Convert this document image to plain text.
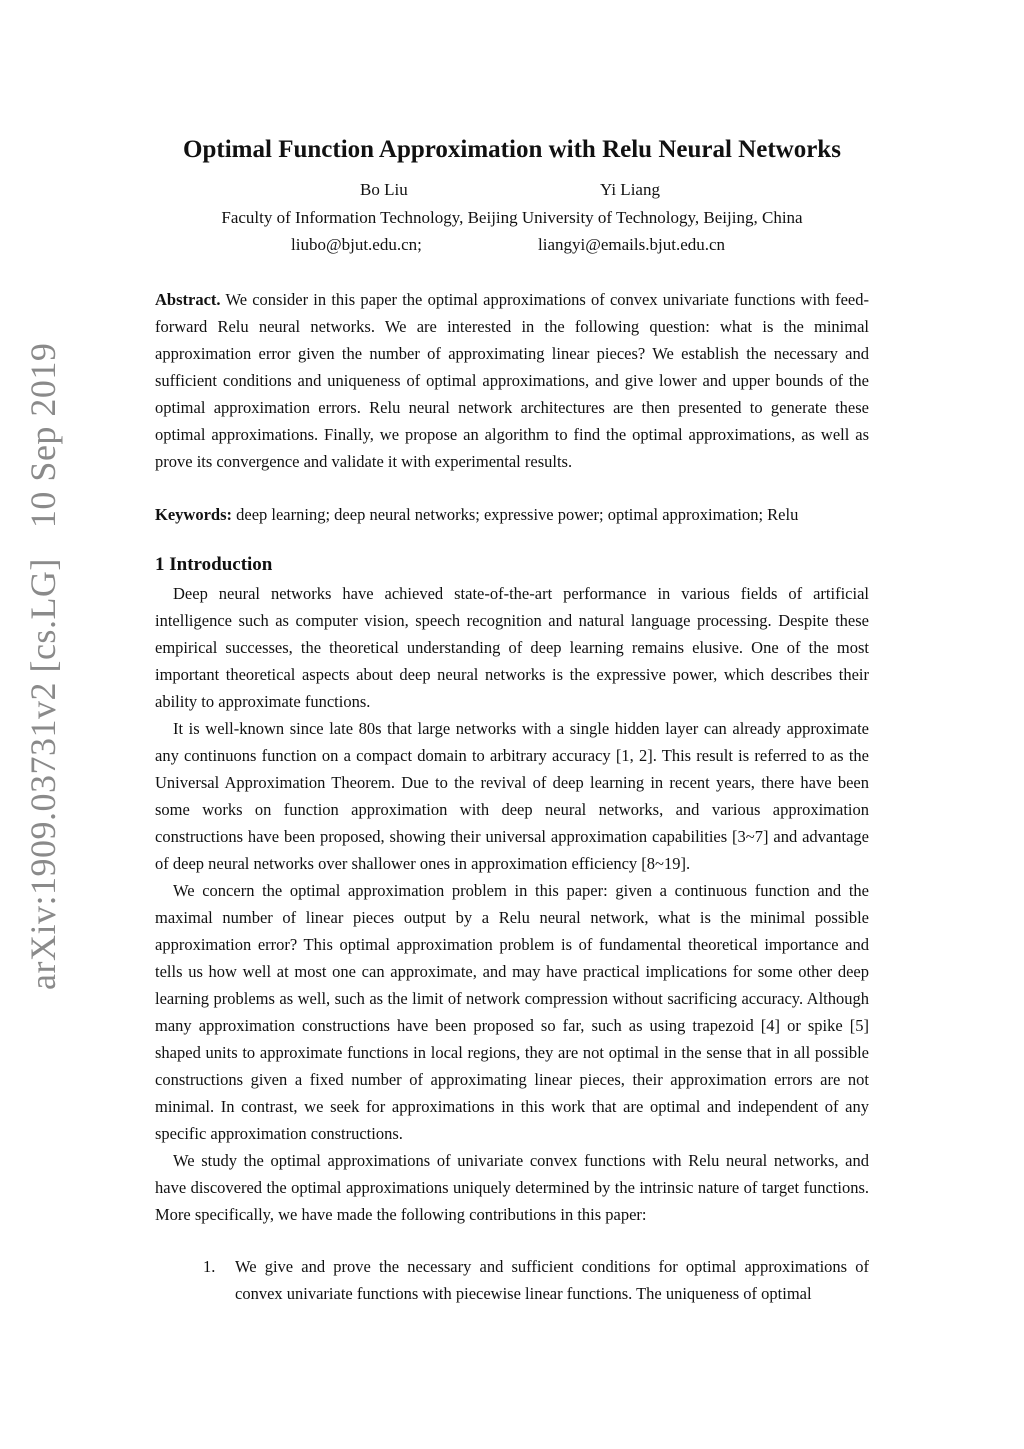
arXiv:1909.03731v2 [cs.LG]10 Sep 2019
Optimal Function Approximation with Relu Neural Networks
Bo Liu	Yi Liang
Faculty of Information Technology, Beijing University of Technology, Beijing, China
liubo@bjut.edu.cn;	liangyi@emails.bjut.edu.cn
Abstract. We consider in this paper the optimal approximations of convex univariate functions with feed-forward Relu neural networks. We are interested in the following question: what is the minimal approximation error given the number of approximating linear pieces? We establish the necessary and sufficient conditions and uniqueness of optimal approximations, and give lower and upper bounds of the optimal approximation errors. Relu neural network architectures are then presented to generate these optimal approximations. Finally, we propose an algorithm to find the optimal approximations, as well as prove its convergence and validate it with experimental results.
Keywords: deep learning; deep neural networks; expressive power; optimal approximation; Relu
1 Introduction

Deep neural networks have achieved state-of-the-art performance in various fields of artificial intelligence such as computer vision, speech recognition and natural language processing. Despite these empirical successes, the theoretical understanding of deep learning remains elusive. One of the most important theoretical aspects about deep neural networks is the expressive power, which describes their ability to approximate functions.

It is well-known since late 80s that large networks with a single hidden layer can already approximate any continuons function on a compact domain to arbitrary accuracy [1, 2]. This result is referred to as the Universal Approximation Theorem. Due to the revival of deep learning in recent years, there have been some works on function approximation with deep neural networks, and various approximation constructions have been proposed, showing their universal approximation capabilities [3~7] and advantage of deep neural networks over shallower ones in approximation efficiency [8~19].

We concern the optimal approximation problem in this paper: given a continuous function and the maximal number of linear pieces output by a Relu neural network, what is the minimal possible approximation error? This optimal approximation problem is of fundamental theoretical importance and tells us how well at most one can approximate, and may have practical implications for some other deep learning problems as well, such as the limit of network compression without sacrificing accuracy. Although many approximation constructions have been proposed so far, such as using trapezoid [4] or spike [5] shaped units to approximate functions in local regions, they are not optimal in the sense that in all possible constructions given a fixed number of approximating linear pieces, their approximation errors are not minimal. In contrast, we seek for approximations in this work that are optimal and independent of any specific approximation constructions.

We study the optimal approximations of univariate convex functions with Relu neural networks, and have discovered the optimal approximations uniquely determined by the intrinsic nature of target functions. More specifically, we have made the following contributions in this paper:

1. We give and prove the necessary and sufficient conditions for optimal approximations of convex univariate functions with piecewise linear functions. The uniqueness of optimal
